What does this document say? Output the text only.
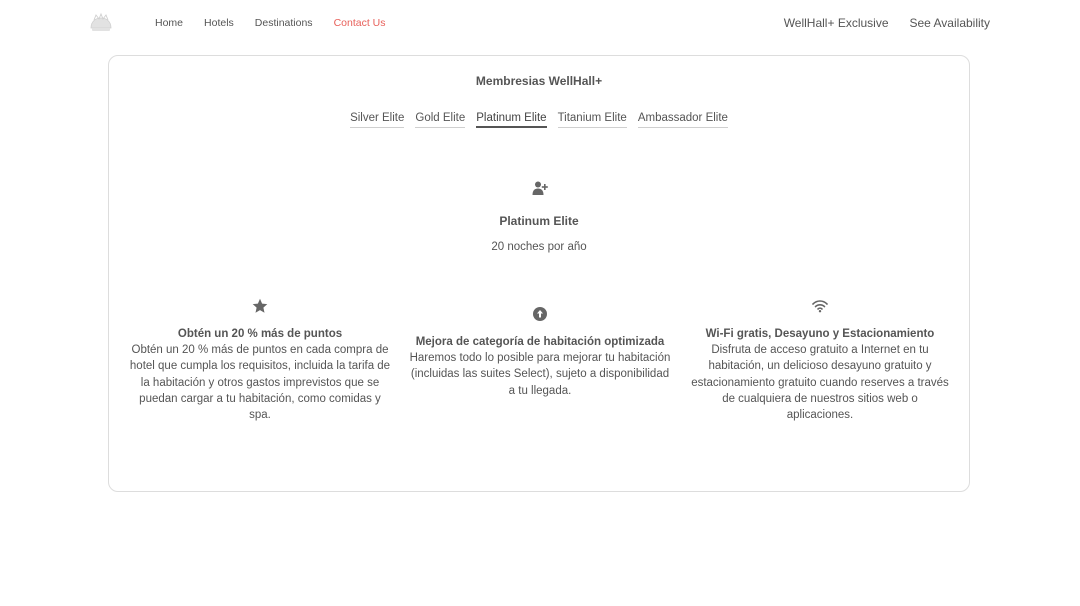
Home Hotels Destinations Contact Us	WellHall+ Exclusive See Availability
Membresias WellHall+
Silver Elite Gold Elite Platinum Elite Titanium Elite Ambassador Elite
Platinum Elite
20 noches por año
Obtén un 20 % más de puntos
Obtén un 20 % más de puntos en cada compra de hotel que cumpla los requisitos, incluida la tarifa de la habitación y otros gastos imprevistos que se puedan cargar a tu habitación, como comidas y spa.
Mejora de categoría de habitación optimizada
Haremos todo lo posible para mejorar tu habitación (incluidas las suites Select), sujeto a disponibilidad a tu llegada.
Wi-Fi gratis, Desayuno y Estacionamiento
Disfruta de acceso gratuito a Internet en tu habitación, un delicioso desayuno gratuito y estacionamiento gratuito cuando reserves a través de cualquiera de nuestros sitios web o aplicaciones.
